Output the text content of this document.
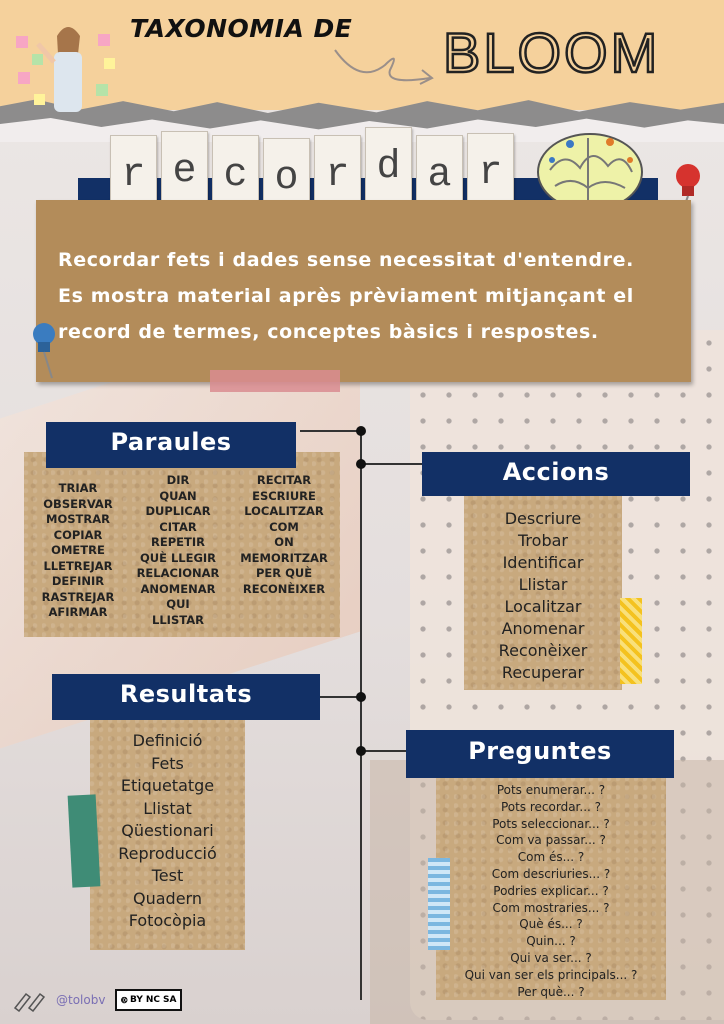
TAXONOMIA DE BLOOM
r e c o r d a r
Recordar fets i dades sense necessitat d'entendre.
Es mostra material après prèviament mitjançant el
record de termes, conceptes bàsics i respostes.
Paraules
TRIAR
OBSERVAR
MOSTRAR
COPIAR
OMETRE
LLETREJAR
DEFINIR
RASTREJAR
AFIRMAR
DIR
QUAN
DUPLICAR
CITAR
REPETIR
QUÈ LLEGIR
RELACIONAR
ANOMENAR
QUI
LLISTAR
RECITAR
ESCRIURE
LOCALITZAR
COM
ON
MEMORITZAR
PER QUÈ
RECONÈIXER
Accions
Descriure
Trobar
Identificar
Llistar
Localitzar
Anomenar
Reconèixer
Recuperar
Resultats
Definició
Fets
Etiquetatge
Llistat
Qüestionari
Reproducció
Test
Quadern
Fotocòpia
Preguntes
Pots enumerar... ?
Pots recordar... ?
Pots seleccionar... ?
Com va passar... ?
Com és... ?
Com descriuries... ?
Podries explicar... ?
Com mostraries... ?
Què és... ?
Quin... ?
Qui va ser... ?
Qui van ser els principals... ?
Per què... ?
@tolobv 🅭 BY NC SA
